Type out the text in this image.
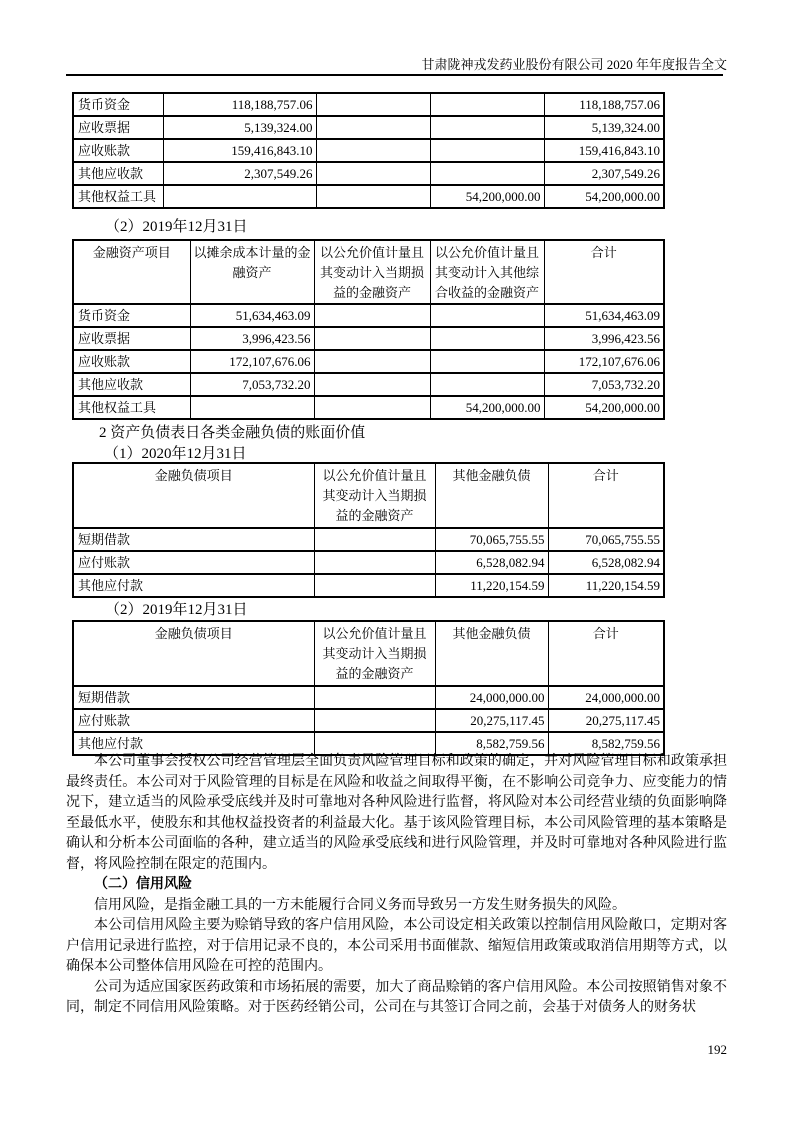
甘肃陇神戎发药业股份有限公司 2020 年年度报告全文
货币资金	118,188,757.06			118,188,757.06
应收票据	5,139,324.00			5,139,324.00
应收账款	159,416,843.10			159,416,843.10
其他应收款	2,307,549.26			2,307,549.26
其他权益工具			54,200,000.00	54,200,000.00
（2）2019年12月31日
金融资产项目	以摊余成本计量的金融资产	以公允价值计量且其变动计入当期损益的金融资产	以公允价值计量且其变动计入其他综合收益的金融资产	合计
货币资金	51,634,463.09			51,634,463.09
应收票据	3,996,423.56			3,996,423.56
应收账款	172,107,676.06			172,107,676.06
其他应收款	7,053,732.20			7,053,732.20
其他权益工具			54,200,000.00	54,200,000.00
2 资产负债表日各类金融负债的账面价值
（1）2020年12月31日
金融负债项目	以公允价值计量且其变动计入当期损益的金融资产	其他金融负债	合计
短期借款		70,065,755.55	70,065,755.55
应付账款		6,528,082.94	6,528,082.94
其他应付款		11,220,154.59	11,220,154.59
（2）2019年12月31日
金融负债项目	以公允价值计量且其变动计入当期损益的金融资产	其他金融负债	合计
短期借款		24,000,000.00	24,000,000.00
应付账款		20,275,117.45	20,275,117.45
其他应付款		8,582,759.56	8,582,759.56

本公司董事会授权公司经营管理层全面负责风险管理目标和政策的确定，并对风险管理目标和政策承担最终责任。本公司对于风险管理的目标是在风险和收益之间取得平衡，在不影响公司竞争力、应变能力的情况下，建立适当的风险承受底线并及时可靠地对各种风险进行监督，将风险对本公司经营业绩的负面影响降至最低水平，使股东和其他权益投资者的利益最大化。基于该风险管理目标，本公司风险管理的基本策略是确认和分析本公司面临的各种，建立适当的风险承受底线和进行风险管理，并及时可靠地对各种风险进行监督，将风险控制在限定的范围内。

（二）信用风险

信用风险，是指金融工具的一方未能履行合同义务而导致另一方发生财务损失的风险。

本公司信用风险主要为赊销导致的客户信用风险，本公司设定相关政策以控制信用风险敞口，定期对客户信用记录进行监控，对于信用记录不良的，本公司采用书面催款、缩短信用政策或取消信用期等方式，以确保本公司整体信用风险在可控的范围内。

公司为适应国家医药政策和市场拓展的需要，加大了商品赊销的客户信用风险。本公司按照销售对象不同，制定不同信用风险策略。对于医药经销公司，公司在与其签订合同之前，会基于对债务人的财务状

192
